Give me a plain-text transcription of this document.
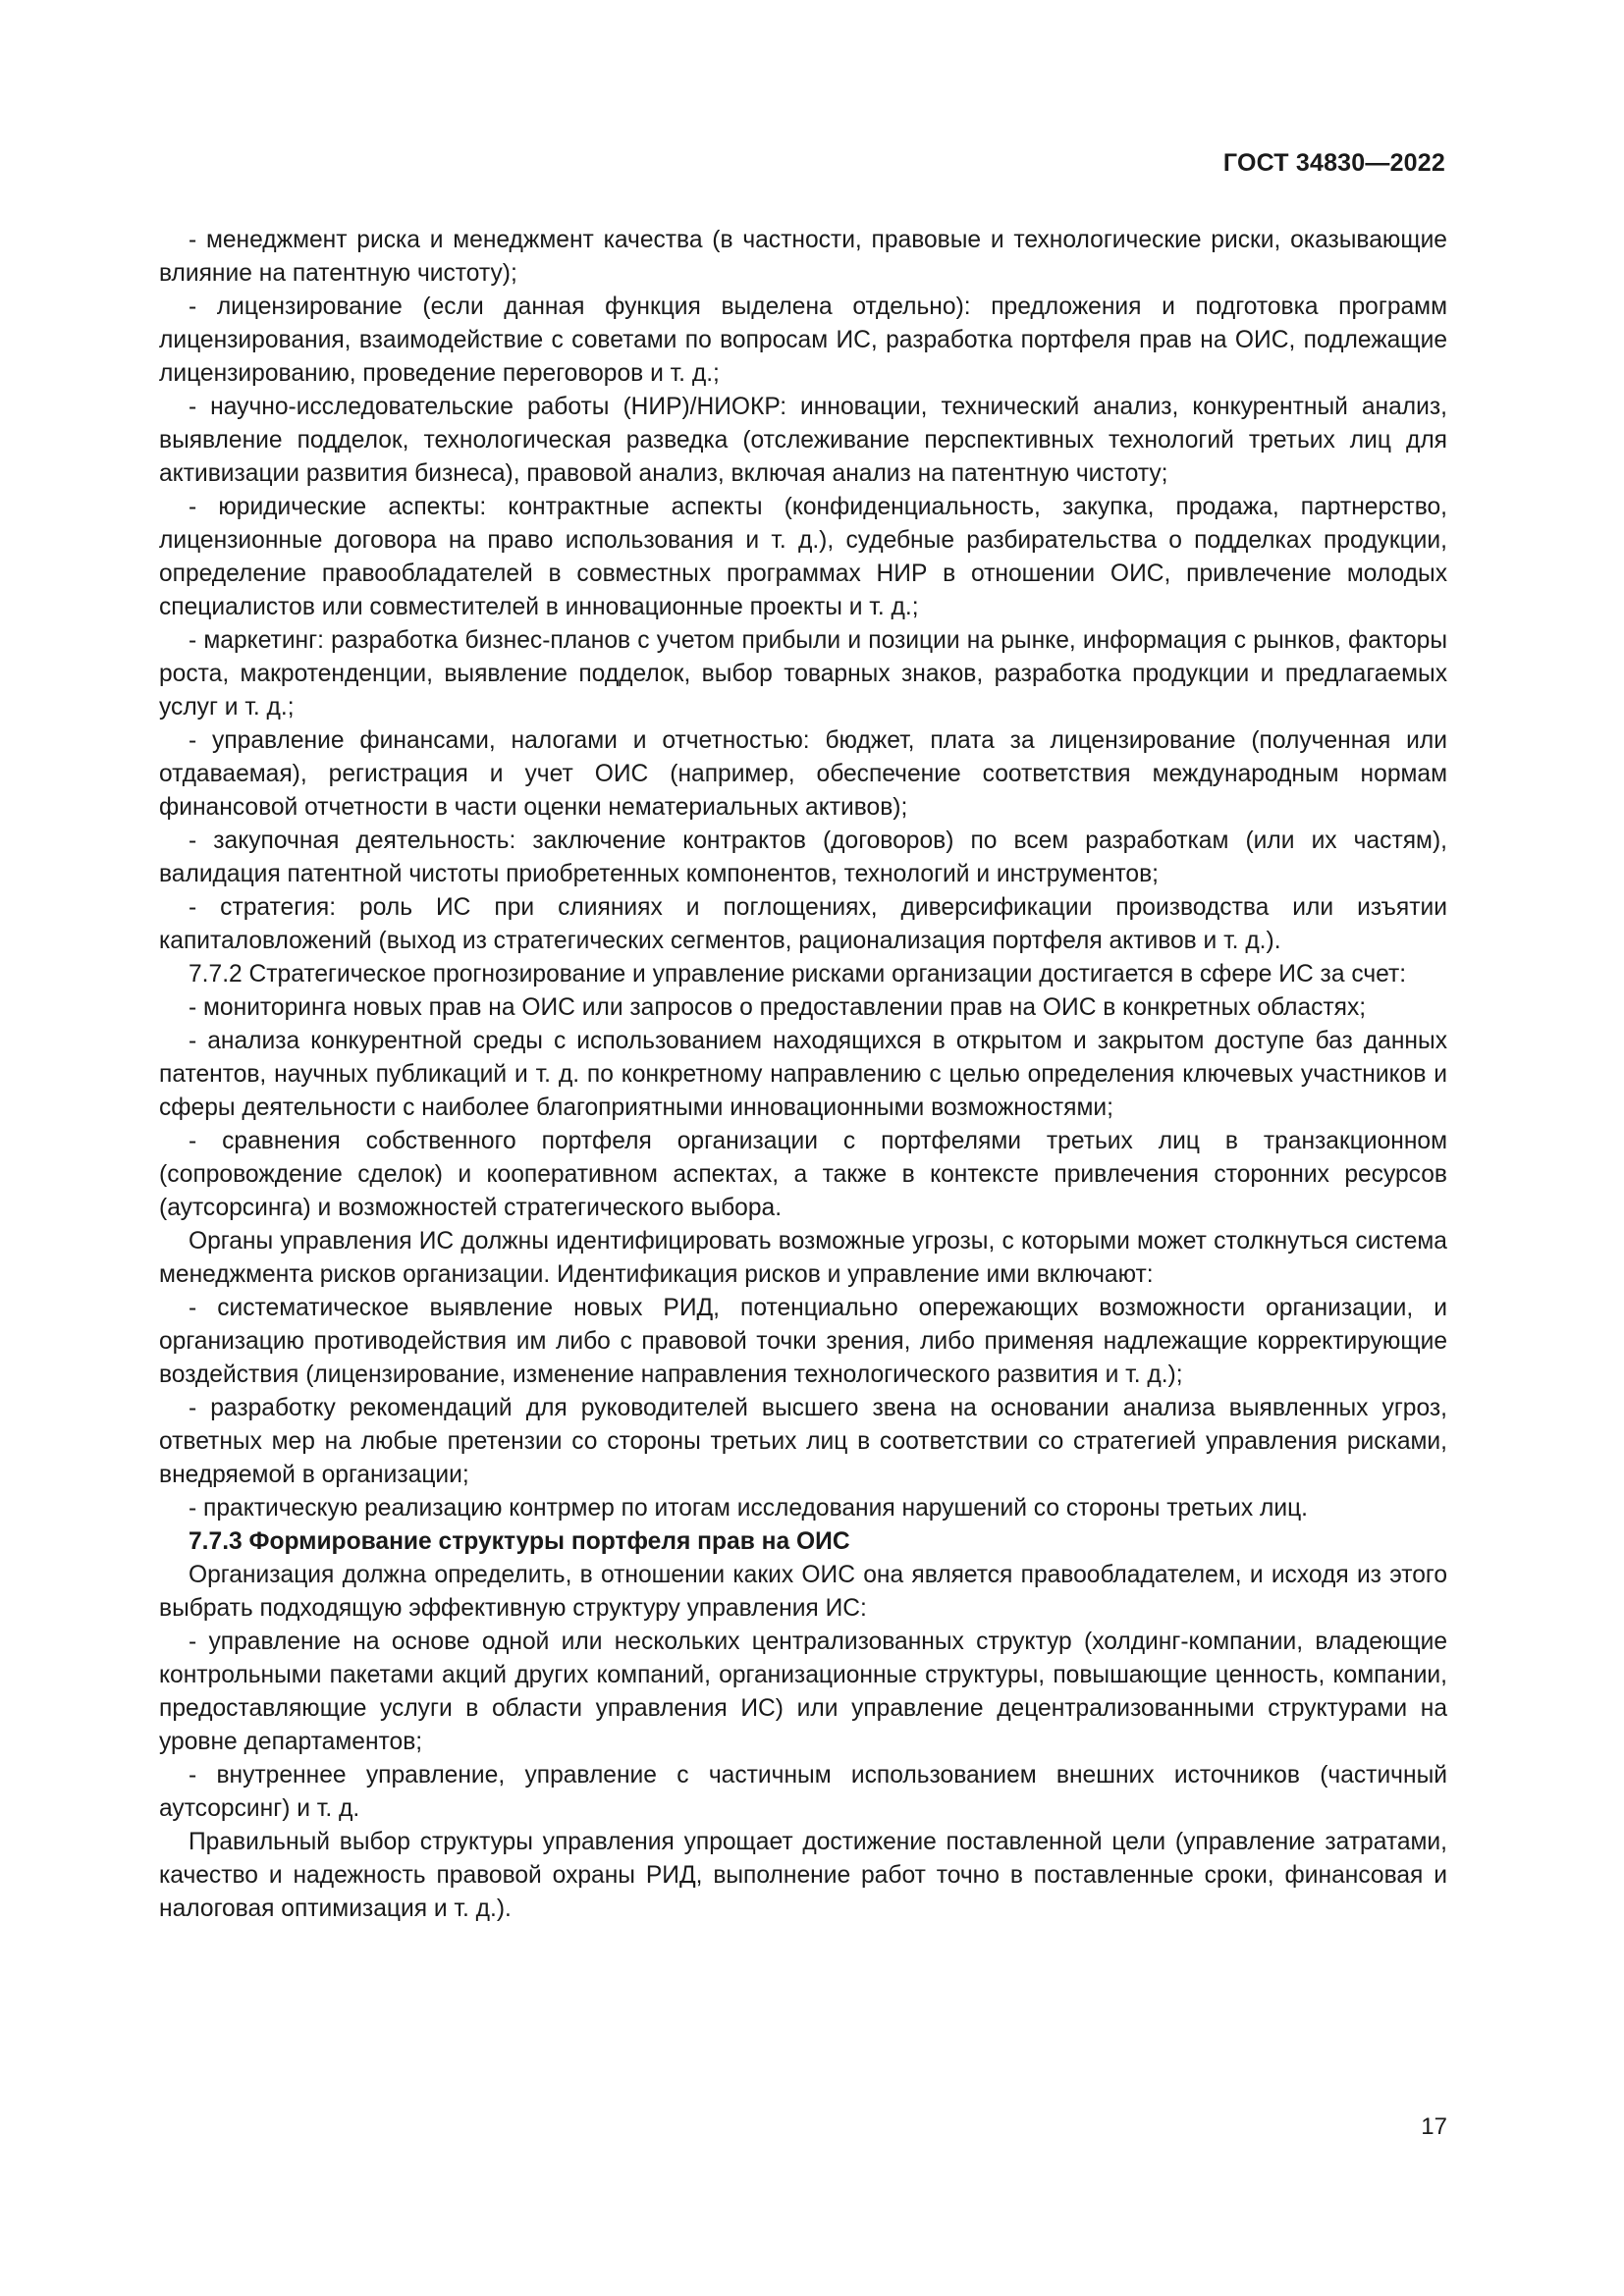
ГОСТ 34830—2022

- менеджмент риска и менеджмент качества (в частности, правовые и технологические риски, оказывающие влияние на патентную чистоту);

- лицензирование (если данная функция выделена отдельно): предложения и подготовка программ лицензирования, взаимодействие с советами по вопросам ИС, разработка портфеля прав на ОИС, подлежащие лицензированию, проведение переговоров и т. д.;

- научно-исследовательские работы (НИР)/НИОКР: инновации, технический анализ, конкурентный анализ, выявление подделок, технологическая разведка (отслеживание перспективных технологий третьих лиц для активизации развития бизнеса), правовой анализ, включая анализ на патентную чистоту;

- юридические аспекты: контрактные аспекты (конфиденциальность, закупка, продажа, партнерство, лицензионные договора на право использования и т. д.), судебные разбирательства о подделках продукции, определение правообладателей в совместных программах НИР в отношении ОИС, привлечение молодых специалистов или совместителей в инновационные проекты и т. д.;

- маркетинг: разработка бизнес-планов с учетом прибыли и позиции на рынке, информация с рынков, факторы роста, макротенденции, выявление подделок, выбор товарных знаков, разработка продукции и предлагаемых услуг и т. д.;

- управление финансами, налогами и отчетностью: бюджет, плата за лицензирование (полученная или отдаваемая), регистрация и учет ОИС (например, обеспечение соответствия международным нормам финансовой отчетности в части оценки нематериальных активов);

- закупочная деятельность: заключение контрактов (договоров) по всем разработкам (или их частям), валидация патентной чистоты приобретенных компонентов, технологий и инструментов;

- стратегия: роль ИС при слияниях и поглощениях, диверсификации производства или изъятии капиталовложений (выход из стратегических сегментов, рационализация портфеля активов и т. д.).

7.7.2 Стратегическое прогнозирование и управление рисками организации достигается в сфере ИС за счет:

- мониторинга новых прав на ОИС или запросов о предоставлении прав на ОИС в конкретных областях;

- анализа конкурентной среды с использованием находящихся в открытом и закрытом доступе баз данных патентов, научных публикаций и т. д. по конкретному направлению с целью определения ключевых участников и сферы деятельности с наиболее благоприятными инновационными возможностями;

- сравнения собственного портфеля организации с портфелями третьих лиц в транзакционном (сопровождение сделок) и кооперативном аспектах, а также в контексте привлечения сторонних ресурсов (аутсорсинга) и возможностей стратегического выбора.

Органы управления ИС должны идентифицировать возможные угрозы, с которыми может столкнуться система менеджмента рисков организации. Идентификация рисков и управление ими включают:

- систематическое выявление новых РИД, потенциально опережающих возможности организации, и организацию противодействия им либо с правовой точки зрения, либо применяя надлежащие корректирующие воздействия (лицензирование, изменение направления технологического развития и т. д.);

- разработку рекомендаций для руководителей высшего звена на основании анализа выявленных угроз, ответных мер на любые претензии со стороны третьих лиц в соответствии со стратегией управления рисками, внедряемой в организации;

- практическую реализацию контрмер по итогам исследования нарушений со стороны третьих лиц.

7.7.3 Формирование структуры портфеля прав на ОИС

Организация должна определить, в отношении каких ОИС она является правообладателем, и исходя из этого выбрать подходящую эффективную структуру управления ИС:

- управление на основе одной или нескольких централизованных структур (холдинг-компании, владеющие контрольными пакетами акций других компаний, организационные структуры, повышающие ценность, компании, предоставляющие услуги в области управления ИС) или управление децентрализованными структурами на уровне департаментов;

- внутреннее управление, управление с частичным использованием внешних источников (частичный аутсорсинг) и т. д.

Правильный выбор структуры управления упрощает достижение поставленной цели (управление затратами, качество и надежность правовой охраны РИД, выполнение работ точно в поставленные сроки, финансовая и налоговая оптимизация и т. д.).

17
